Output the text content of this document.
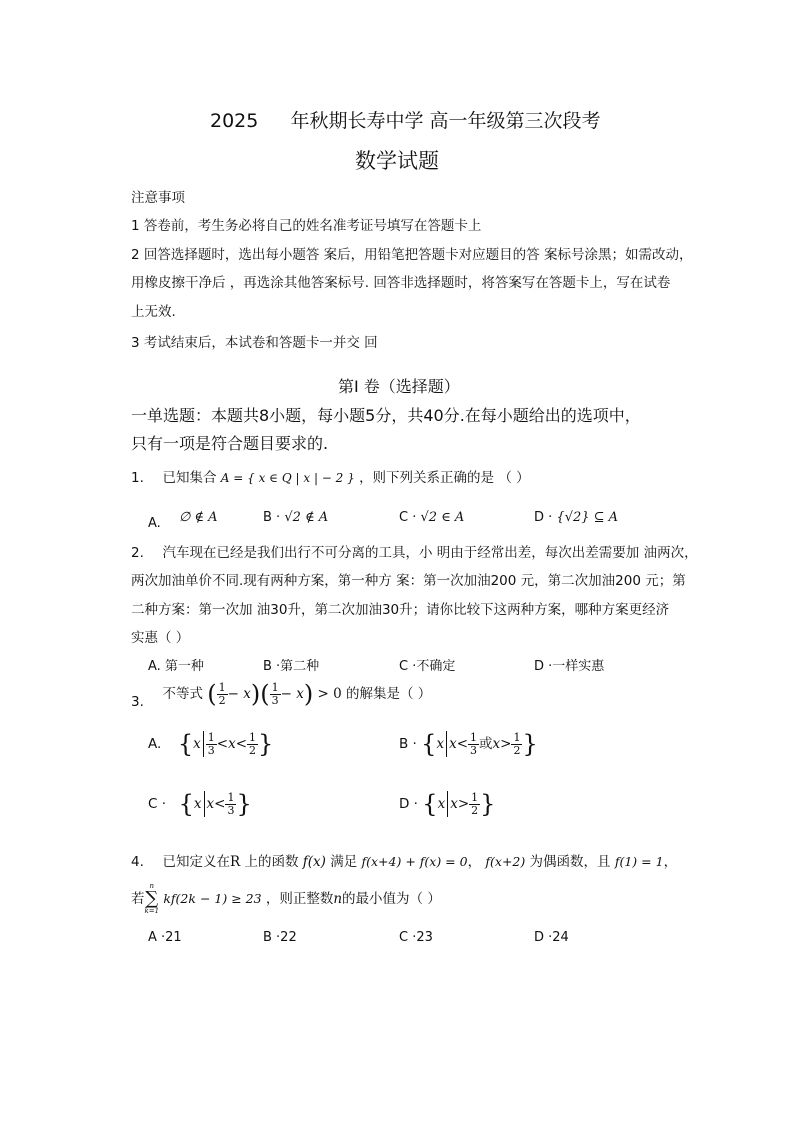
2025 年秋期长寿中学 高一年级第三次段考
数学试题
注意事项
1 答卷前，考生务必将自己的姓名准考证号填写在答题卡上
2 回答选择题时，选出每小题答 案后，用铅笔把答题卡对应题目的答 案标号涂黑；如需改动，
用橡皮擦干净后 ，再选涂其他答案标号. 回答非选择题时，将答案写在答题卡上，写在试卷
上无效.
3 考试结束后，本试卷和答题卡一并交 回
第Ⅰ 卷（选择题）
一单选题：本题共8小题，每小题5分，共40分.在每小题给出的选项中，
只有一项是符合题目要求的.
1. 已知集合 A = { x ∈ Q | x | − 2 } ，则下列关系正确的是 （ ）
A. ∅ ∉ A	B · √2 ∉ A	C · √2 ∈ A	D · {√2} ⊆ A
2. 汽车现在已经是我们出行不可分离的工具，小 明由于经常出差，每次出差需要加 油两次，
两次加油单价不同.现有两种方案，第一种方 案：第一次加油200 元，第二次加油200 元；第
二种方案：第一次加 油30升，第二次加油30升；请你比较下这两种方案，哪种方案更经济
实惠（ ）
A. 第一种	B ·第二种	C ·不确定	D ·一样实惠
3. 不等式 ( $\frac{1}{2} - x)( \frac{1}{3} - x) > 0$ 的解集是（ ）
A. {$x \frac{1}{3} <x< \frac{1}{2}$ }	B · {x $x< \frac{1}{3}$ 或$x> \frac{1}{2}$ }
C · {x $x< \frac{1}{3}$ }	D · {x $x> \frac{1}{2}$ }
4. 已知定义在R 上的函数 f(x) 满足 f(x+4) + f(x) = 0， f(x+2) 为偶函数，且 f(1) = 1，
若
n
∑
k=1
kf(2k − 1) ≥ 23 ，则正整数n的最小值为（ ）
A ·21	B ·22	C ·23	D ·24
